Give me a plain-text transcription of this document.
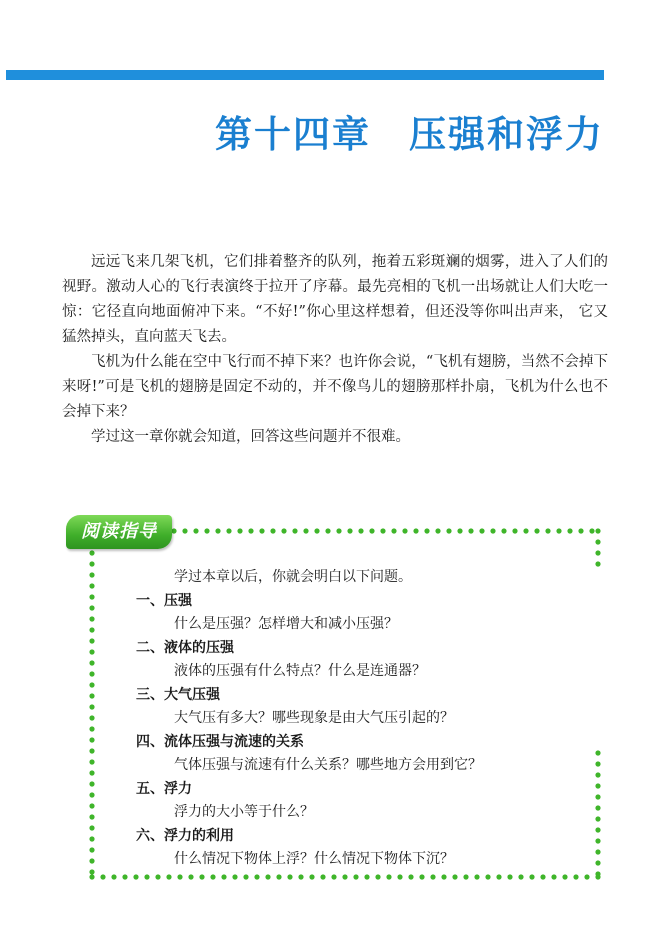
第十四章 压强和浮力

远远飞来几架飞机，它们排着整齐的队列，拖着五彩斑斓的烟雾，进入了人们的视野。激动人心的飞行表演终于拉开了序幕。最先亮相的飞机一出场就让人们大吃一惊：它径直向地面俯冲下来。“不好!”你心里这样想着，但还没等你叫出声来， 它又猛然掉头，直向蓝天飞去。

飞机为什么能在空中飞行而不掉下来？也许你会说，“飞机有翅膀，当然不会掉下来呀!”可是飞机的翅膀是固定不动的，并不像鸟儿的翅膀那样扑扇，飞机为什么也不会掉下来？

学过这一章你就会知道，回答这些问题并不很难。

阅读指导
学过本章以后，你就会明白以下问题。
一、压强
什么是压强？怎样增大和减小压强？
二、液体的压强
液体的压强有什么特点？什么是连通器？
三、大气压强
大气压有多大？哪些现象是由大气压引起的？
四、流体压强与流速的关系
气体压强与流速有什么关系？哪些地方会用到它？
五、浮力
浮力的大小等于什么？
六、浮力的利用
什么情况下物体上浮？什么情况下物体下沉？
